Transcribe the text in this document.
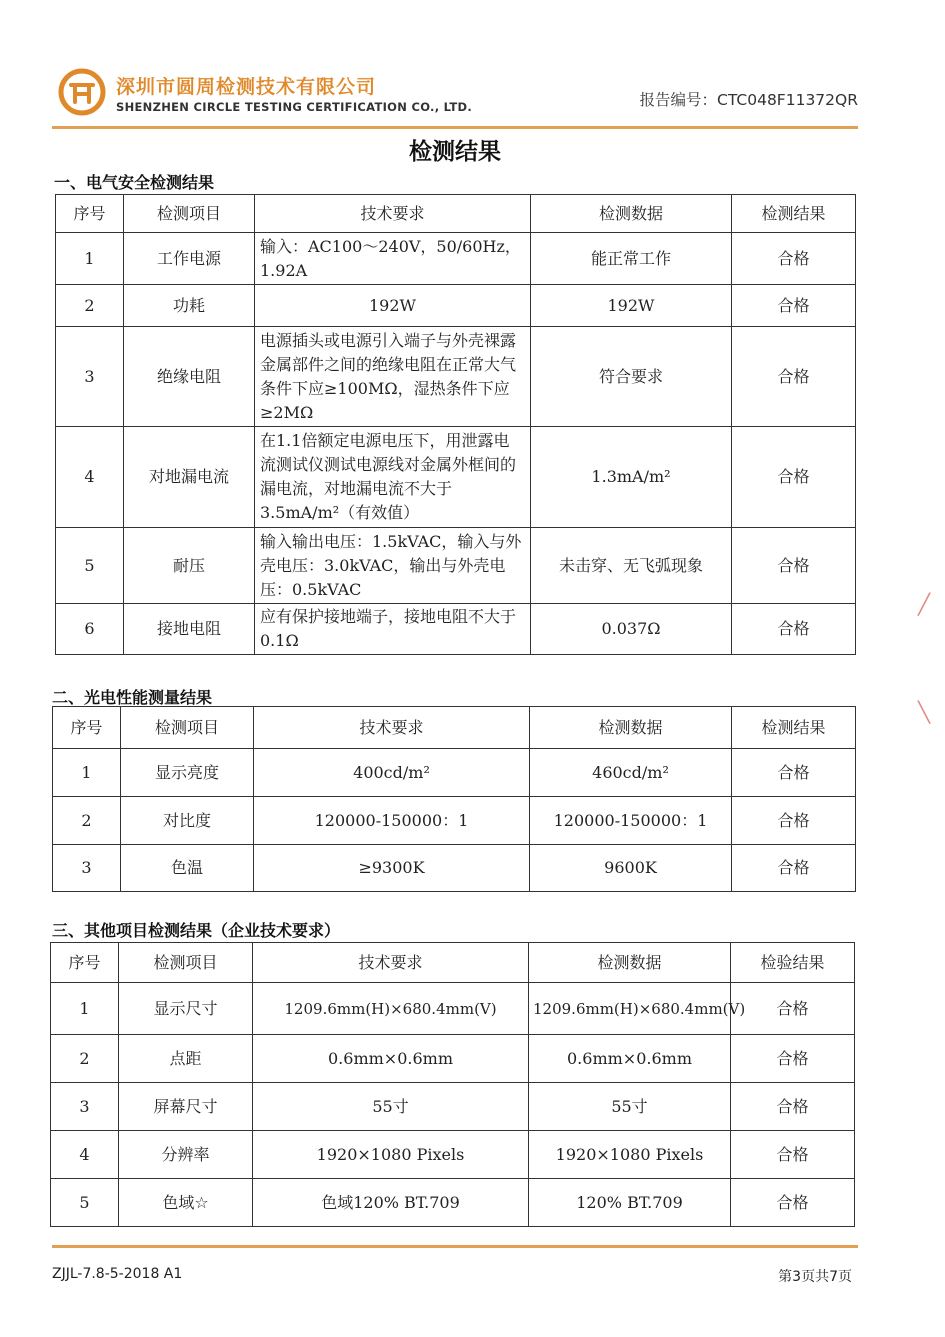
深圳市圆周检测技术有限公司
SHENZHEN CIRCLE TESTING CERTIFICATION CO., LTD.	报告编号：CTC048F11372QR
检测结果
一、电气安全检测结果
序号	检测项目	技术要求	检测数据	检测结果
1	工作电源	输入：AC100～240V，50/60Hz，1.92A	能正常工作	合格
2	功耗	192W	192W	合格
3	绝缘电阻	电源插头或电源引入端子与外壳裸露金属部件之间的绝缘电阻在正常大气条件下应≥100MΩ，湿热条件下应≥2MΩ	符合要求	合格
4	对地漏电流	在1.1倍额定电源电压下，用泄露电流测试仪测试电源线对金属外框间的漏电流，对地漏电流不大于3.5mA/m²（有效值）	1.3mA/m²	合格
5	耐压	输入输出电压：1.5kVAC，输入与外壳电压：3.0kVAC，输出与外壳电压：0.5kVAC	未击穿、无飞弧现象	合格
6	接地电阻	应有保护接地端子，接地电阻不大于0.1Ω	0.037Ω	合格
二、光电性能测量结果
序号	检测项目	技术要求	检测数据	检测结果
1	显示亮度	400cd/m²	460cd/m²	合格
2	对比度	120000-150000：1	120000-150000：1	合格
3	色温	≥9300K	9600K	合格
三、其他项目检测结果（企业技术要求）
序号	检测项目	技术要求	检测数据	检验结果
1	显示尺寸	1209.6mm(H)×680.4mm(V)	1209.6mm(H)×680.4mm(V)	合格
2	点距	0.6mm×0.6mm	0.6mm×0.6mm	合格
3	屏幕尺寸	55寸	55寸	合格
4	分辨率	1920×1080 Pixels	1920×1080 Pixels	合格
5	色域☆	色域120% BT.709	120% BT.709	合格
╱
╲
ZJJL-7.8-5-2018 A1	第3页共7页
